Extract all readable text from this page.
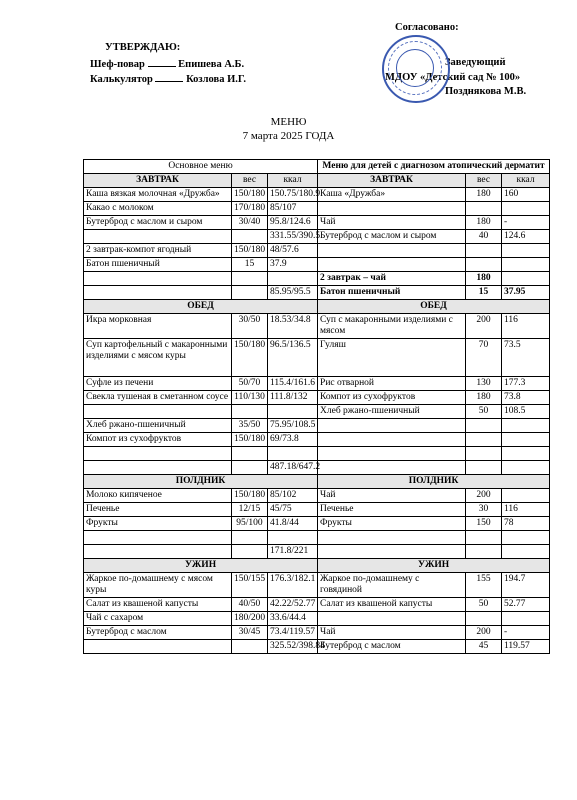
Согласовано:
УТВЕРЖДАЮ:
Шеф-повар	Епишева А.Б.
Калькулятор	Козлова И.Г.
Заведующий
МДОУ «Детский сад № 100»
Позднякова М.В.
МЕНЮ
7 марта 2025 ГОДА
Основное меню			Меню для детей с диагнозом атопический дерматит		
ЗАВТРАК	вес	ккал	ЗАВТРАК	вес	ккал
Каша вязкая молочная «Дружба»	150/180	150.75/180.9	Каша «Дружба»	180	160
Какао с молоком	170/180	85/107			
Бутерброд с маслом и сыром	30/40	95.8/124.6	Чай	180	-
		331.55/390.5	Бутерброд с маслом и сыром	40	124.6
2 завтрак-компот ягодный	150/180	48/57.6			
Батон пшеничный	15	37.9			
			2 завтрак – чай	180	
		85.95/95.5	Батон пшеничный	15	37.95
ОБЕД			ОБЕД		
Икра морковная	30/50	18.53/34.8	Суп с макаронными изделиями с мясом	200	116
Суп картофельный с макаронными изделиями с мясом куры	150/180	96.5/136.5	Гуляш	70	73.5
Суфле из печени	50/70	115.4/161.6	Рис отварной	130	177.3
Свекла тушеная в сметанном соусе	110/130	111.8/132	Компот из сухофруктов	180	73.8
			Хлеб ржано-пшеничный	50	108.5
Хлеб ржано-пшеничный	35/50	75.95/108.5			
Компот из сухофруктов	150/180	69/73.8			

		487.18/647.2			
ПОЛДНИК			ПОЛДНИК		
Молоко кипяченое	150/180	85/102	Чай	200	
Печенье	12/15	45/75	Печенье	30	116
Фрукты	95/100	41.8/44	Фрукты	150	78

		171.8/221			
УЖИН			УЖИН		
Жаркое по-домашнему с мясом куры	150/155	176.3/182.1	Жаркое по-домашнему с говядиной	155	194.7
Салат из квашеной капусты	40/50	42.22/52.77	Салат из квашеной капусты	50	52.77
Чай с сахаром	180/200	33.6/44.4			
Бутерброд с маслом	30/45	73.4/119.57	Чай	200	-
		325.52/398.84	Бутерброд с маслом	45	119.57
